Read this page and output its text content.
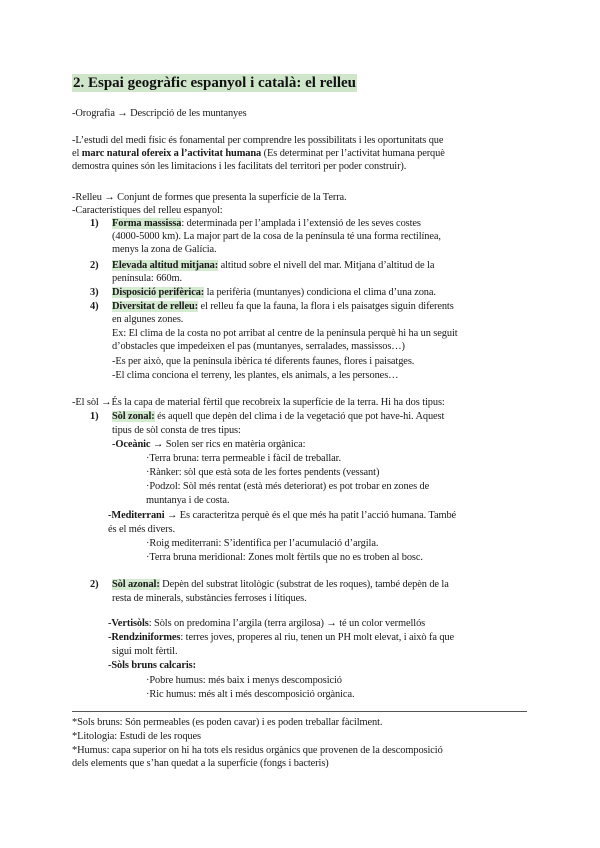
2. Espai geogràfic espanyol i català: el relleu
-Orografia → Descripció de les muntanyes
-L’estudi del medi físic és fonamental per comprendre les possibilitats i les oportunitats que
el marc natural ofereix a l’activitat humana (Es determinat per l’activitat humana perquè
demostra quines són les limitacions i les facilitats del territori per poder construir).
-Relleu → Conjunt de formes que presenta la superfície de la Terra.
-Característiques del relleu espanyol:
1) Forma massissa: determinada per l’amplada i l’extensió de les seves costes
(4000-5000 km). La major part de la cosa de la península té una forma rectilínea,
menys la zona de Galícia.
2) Elevada altitud mitjana: altitud sobre el nivell del mar. Mitjana d’altitud de la
península: 660m.
3) Disposició perifèrica: la perifèria (muntanyes) condiciona el clima d’una zona.
4) Diversitat de relleu: el relleu fa que la fauna, la flora i els paisatges siguin diferents
en algunes zones.
Ex: El clima de la costa no pot arribat al centre de la península perquè hi ha un seguit
d’obstacles que impedeixen el pas (muntanyes, serralades, massissos…)
-Es per això, que la península ibèrica té diferents faunes, flores i paisatges.
-El clima conciona el terreny, les plantes, els animals, a les persones…
-El sòl →És la capa de material fèrtil que recobreix la superfície de la terra. Hi ha dos tipus:
1) Sòl zonal: és aquell que depèn del clima i de la vegetació que pot have-hi. Aquest
tipus de sòl consta de tres tipus:
-Oceànic → Solen ser rics en matèria orgànica:
·Terra bruna: terra permeable i fàcil de treballar.
·Rànker: sòl que està sota de les fortes pendents (vessant)
·Podzol: Sòl més rentat (està més deteriorat) es pot trobar en zones de
muntanya i de costa.
-Mediterrani → Es caracteritza perquè és el que més ha patit l’acció humana. També
és el més divers.
·Roig mediterrani: S’identifica per l’acumulació d’argila.
·Terra bruna meridional: Zones molt fèrtils que no es troben al bosc.
2) Sòl azonal: Depèn del substrat litològic (substrat de les roques), també depèn de la
resta de minerals, substàncies ferroses i lítiques.
-Vertisòls: Sòls on predomina l’argila (terra argilosa) → té un color vermellós
-Rendziniformes: terres joves, properes al riu, tenen un PH molt elevat, i això fa que
sigui molt fèrtil.
-Sòls bruns calcaris:
·Pobre humus: més baix i menys descomposició
·Ric humus: més alt i més descomposició orgànica.
*Sols bruns: Són permeables (es poden cavar) i es poden treballar fàcilment.
*Litologia: Estudi de les roques
*Humus: capa superior on hi ha tots els residus orgànics que provenen de la descomposició
dels elements que s’han quedat a la superfície (fongs i bacteris)
